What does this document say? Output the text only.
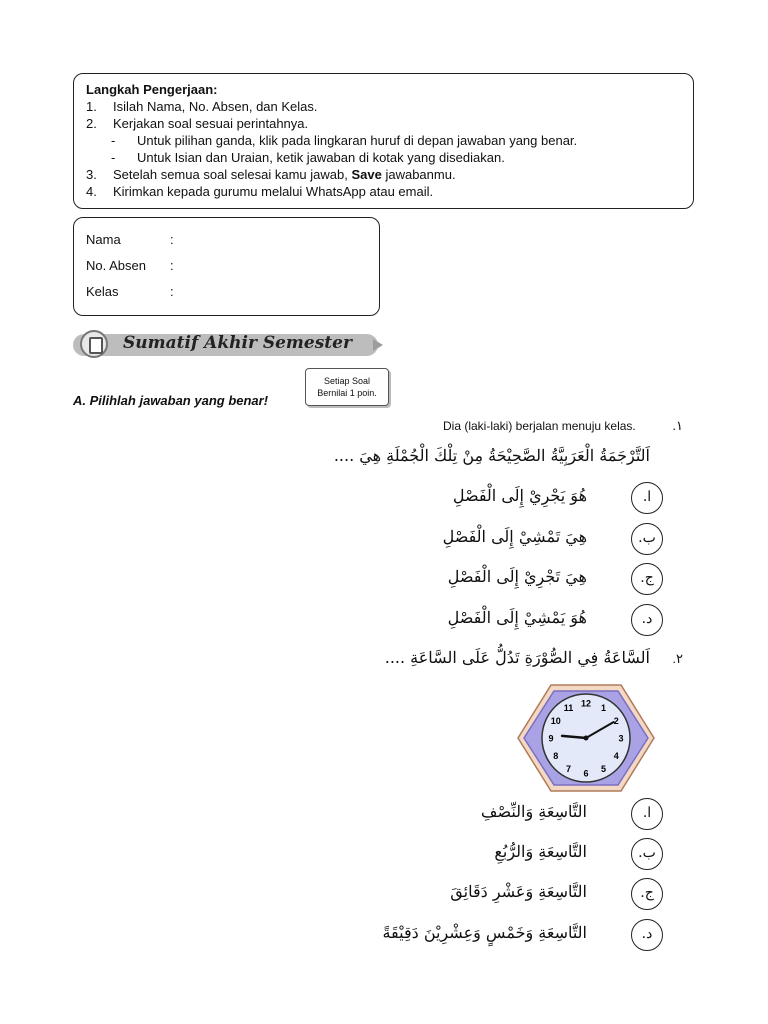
Langkah Pengerjaan:
1.	Isilah Nama, No. Absen, dan Kelas.
2.	Kerjakan soal sesuai perintahnya.
- Untuk pilihan ganda, klik pada lingkaran huruf di depan jawaban yang benar.
- Untuk Isian dan Uraian, ketik jawaban di kotak yang disediakan.
3.	Setelah semua soal selesai kamu jawab, Save jawabanmu.
4.	Kirimkan kepada gurumu melalui WhatsApp atau email.
Nama	:
No. Absen :
Kelas	:
Sumatif Akhir Semester
A. Pilihlah jawaban yang benar!
Setiap Soal
Bernilai 1 poin.
١.
Dia (laki-laki) berjalan menuju kelas.
اَلتَّرْجَمَةُ الْعَرَبِيَّةُ الصَّحِيْحَةُ مِنْ تِلْكَ الْجُمْلَةِ هِيَ ....
ا.
هُوَ يَجْرِيْ إِلَى الْفَصْلِ
ب.
هِيَ تَمْشِيْ إِلَى الْفَصْلِ
ج.
هِيَ تَجْرِيْ إِلَى الْفَصْلِ
د.
هُوَ يَمْشِيْ إِلَى الْفَصْلِ
٢.
اَلسَّاعَةُ فِي الصُّوْرَةِ تَدُلُّ عَلَى السَّاعَةِ ....
12 1
2
3
4
5
6
7
8
9
10
11
ا.
التَّاسِعَةِ وَالنِّصْفِ
ب.
التَّاسِعَةِ وَالرُّبُعِ
ج.
التَّاسِعَةِ وَعَشْرِ دَقَائِقَ
د.
التَّاسِعَةِ وَخَمْسٍ وَعِشْرِيْنَ دَقِيْقَةً
